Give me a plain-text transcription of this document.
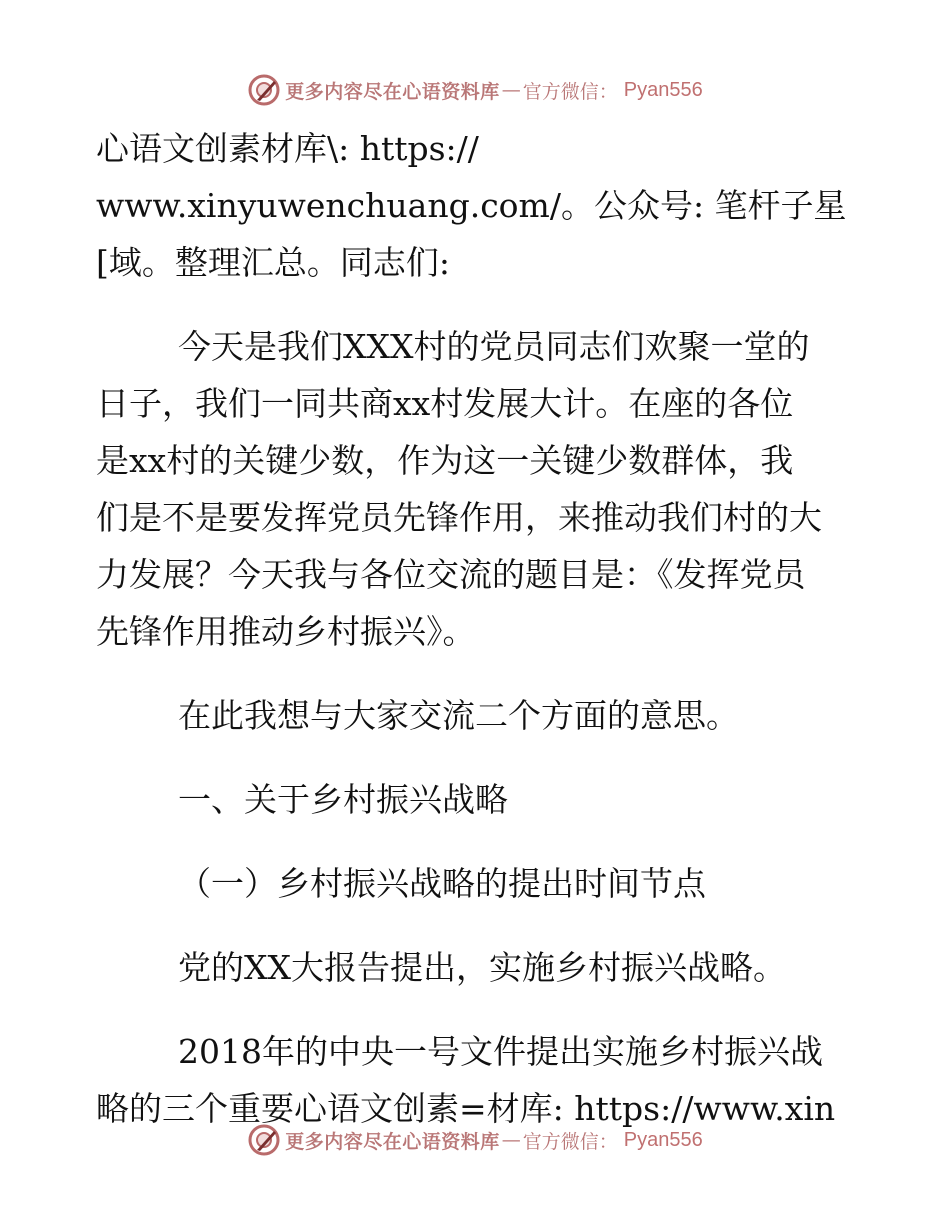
更多内容尽在心语资料库 — 官方微信 ： Pyan556
心语文创素材库\: https://
www.xinyuwenchuang.com/。公众号: 笔杆子星
[域。整理汇总。同志们:
今天是我们XXX村的党员同志们欢聚一堂的
日子，我们一同共商xx村发展大计。在座的各位
是xx村的关键少数，作为这一关键少数群体，我
们是不是要发挥党员先锋作用，来推动我们村的大
力发展？今天我与各位交流的题目是：《发挥党员
先锋作用推动乡村振兴》。
在此我想与大家交流二个方面的意思。
一、关于乡村振兴战略
（一）乡村振兴战略的提出时间节点
党的XX大报告提出，实施乡村振兴战略。
2018年的中央一号文件提出实施乡村振兴战
略的三个重要心语文创素=材库: https://www.xin
更多内容尽在心语资料库 — 官方微信 ： Pyan556
